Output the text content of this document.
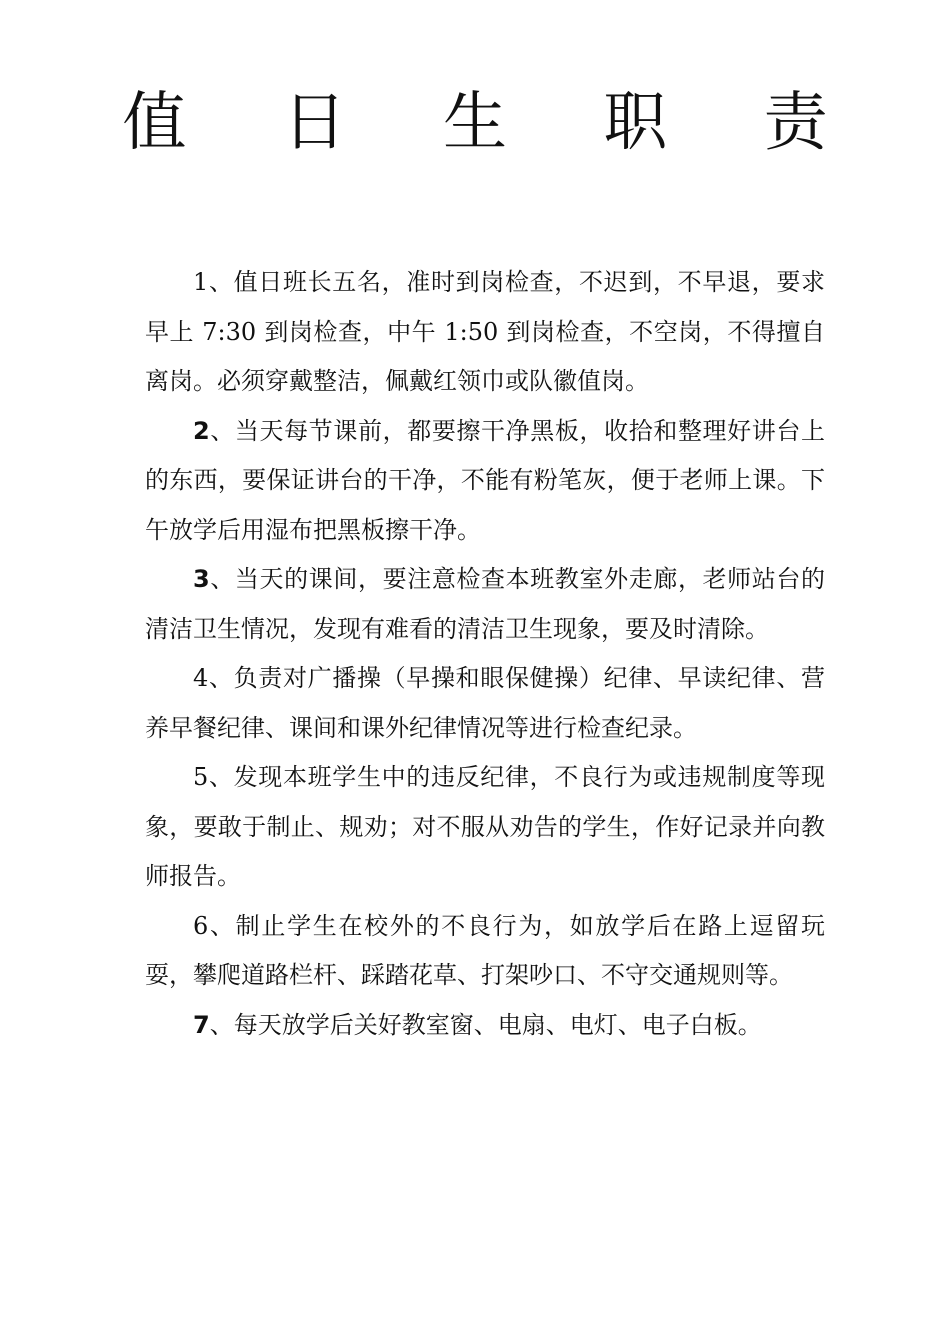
值 日 生 职 责

1、值日班长五名，准时到岗检查，不迟到，不早退，要求早上 7:30 到岗检查，中午 1:50 到岗检查，不空岗，不得擅自离岗。必须穿戴整洁，佩戴红领巾或队徽值岗。

2、当天每节课前，都要擦干净黑板，收拾和整理好讲台上的东西，要保证讲台的干净，不能有粉笔灰，便于老师上课。下午放学后用湿布把黑板擦干净。

3、当天的课间，要注意检查本班教室外走廊，老师站台的清洁卫生情况，发现有难看的清洁卫生现象，要及时清除。

4、负责对广播操（早操和眼保健操）纪律、早读纪律、营养早餐纪律、课间和课外纪律情况等进行检查纪录。

5、发现本班学生中的违反纪律，不良行为或违规制度等现象，要敢于制止、规劝；对不服从劝告的学生，作好记录并向教师报告。

6、制止学生在校外的不良行为，如放学后在路上逗留玩耍，攀爬道路栏杆、踩踏花草、打架吵口、不守交通规则等。

7、每天放学后关好教室窗、电扇、电灯、电子白板。
